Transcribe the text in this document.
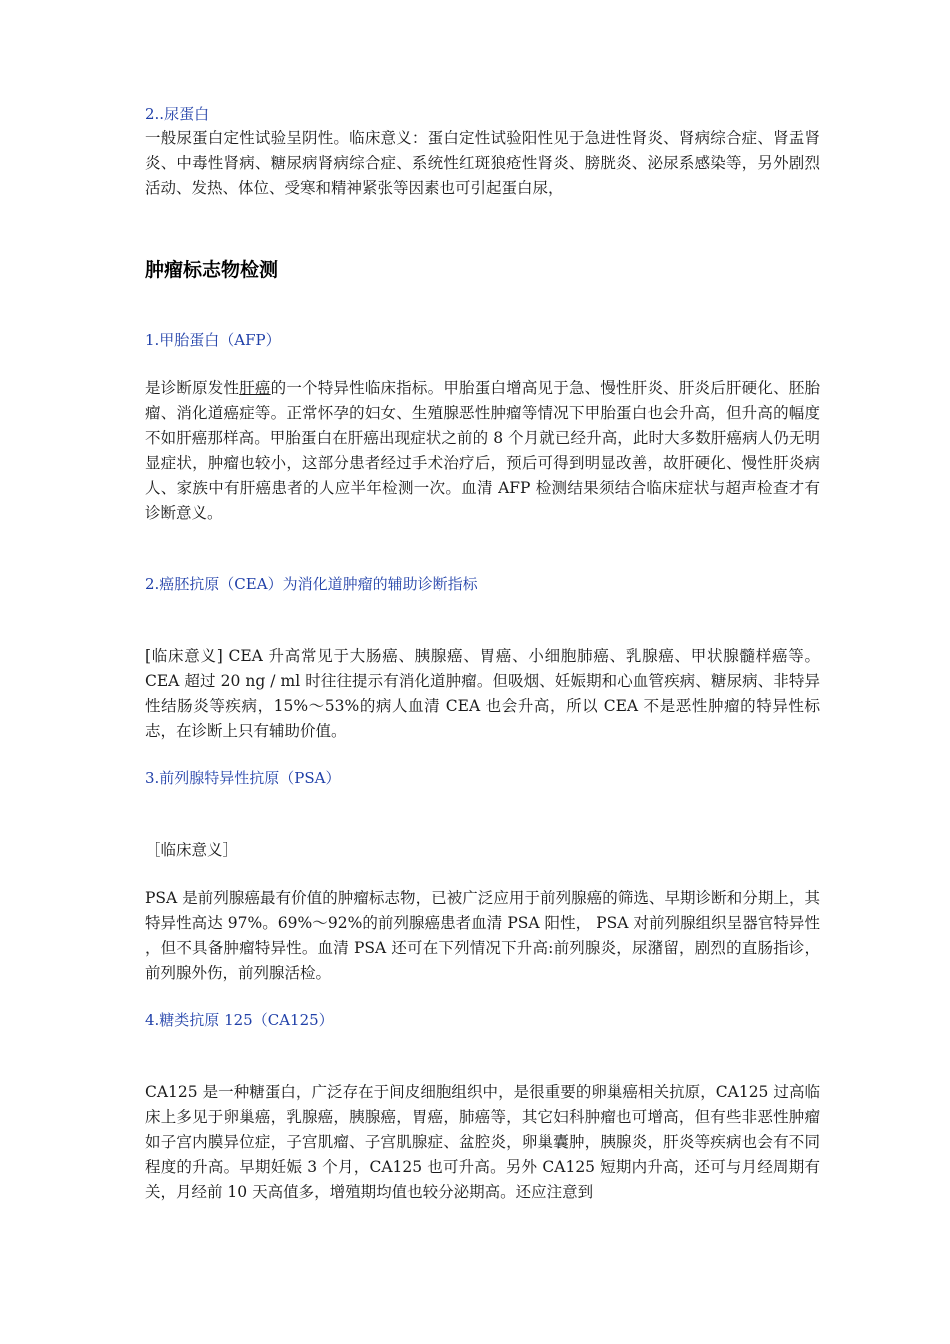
2..尿蛋白

一般尿蛋白定性试验呈阴性。临床意义：蛋白定性试验阳性见于急进性肾炎、肾病综合症、肾盂肾炎、中毒性肾病、糖尿病肾病综合症、系统性红斑狼疮性肾炎、膀胱炎、泌尿系感染等，另外剧烈活动、发热、体位、受寒和精神紧张等因素也可引起蛋白尿，

肿瘤标志物检测
1.甲胎蛋白（AFP）

是诊断原发性肝癌的一个特异性临床指标。甲胎蛋白增高见于急、慢性肝炎、肝炎后肝硬化、胚胎瘤、消化道癌症等。正常怀孕的妇女、生殖腺恶性肿瘤等情况下甲胎蛋白也会升高，但升高的幅度不如肝癌那样高。甲胎蛋白在肝癌出现症状之前的 8 个月就已经升高，此时大多数肝癌病人仍无明显症状，肿瘤也较小，这部分患者经过手术治疗后，预后可得到明显改善，故肝硬化、慢性肝炎病人、家族中有肝癌患者的人应半年检测一次。血清 AFP 检测结果须结合临床症状与超声检查才有诊断意义。

2.癌胚抗原（CEA）为消化道肿瘤的辅助诊断指标

[临床意义] CEA 升高常见于大肠癌、胰腺癌、胃癌、小细胞肺癌、乳腺癌、甲状腺髓样癌等。CEA 超过 20 ng / ml 时往往提示有消化道肿瘤。但吸烟、妊娠期和心血管疾病、糖尿病、非特异性结肠炎等疾病，15%～53%的病人血清 CEA 也会升高，所以 CEA 不是恶性肿瘤的特异性标志，在诊断上只有辅助价值。

3.前列腺特异性抗原（PSA）
［临床意义］

PSA 是前列腺癌最有价值的肿瘤标志物，已被广泛应用于前列腺癌的筛选、早期诊断和分期上，其特异性高达 97%。69%～92%的前列腺癌患者血清 PSA 阳性， PSA 对前列腺组织呈器官特异性 ，但不具备肿瘤特异性。血清 PSA 还可在下列情况下升高:前列腺炎，尿潴留，剧烈的直肠指诊，前列腺外伤，前列腺活检。

4.糖类抗原 125（CA125）

CA125 是一种糖蛋白，广泛存在于间皮细胞组织中，是很重要的卵巢癌相关抗原，CA125 过高临床上多见于卵巢癌，乳腺癌，胰腺癌，胃癌，肺癌等，其它妇科肿瘤也可增高，但有些非恶性肿瘤如子宫内膜异位症，子宫肌瘤、子宫肌腺症、盆腔炎，卵巢囊肿，胰腺炎，肝炎等疾病也会有不同程度的升高。早期妊娠 3 个月，CA125 也可升高。另外 CA125 短期内升高，还可与月经周期有关，月经前 10 天高值多，增殖期均值也较分泌期高。还应注意到
